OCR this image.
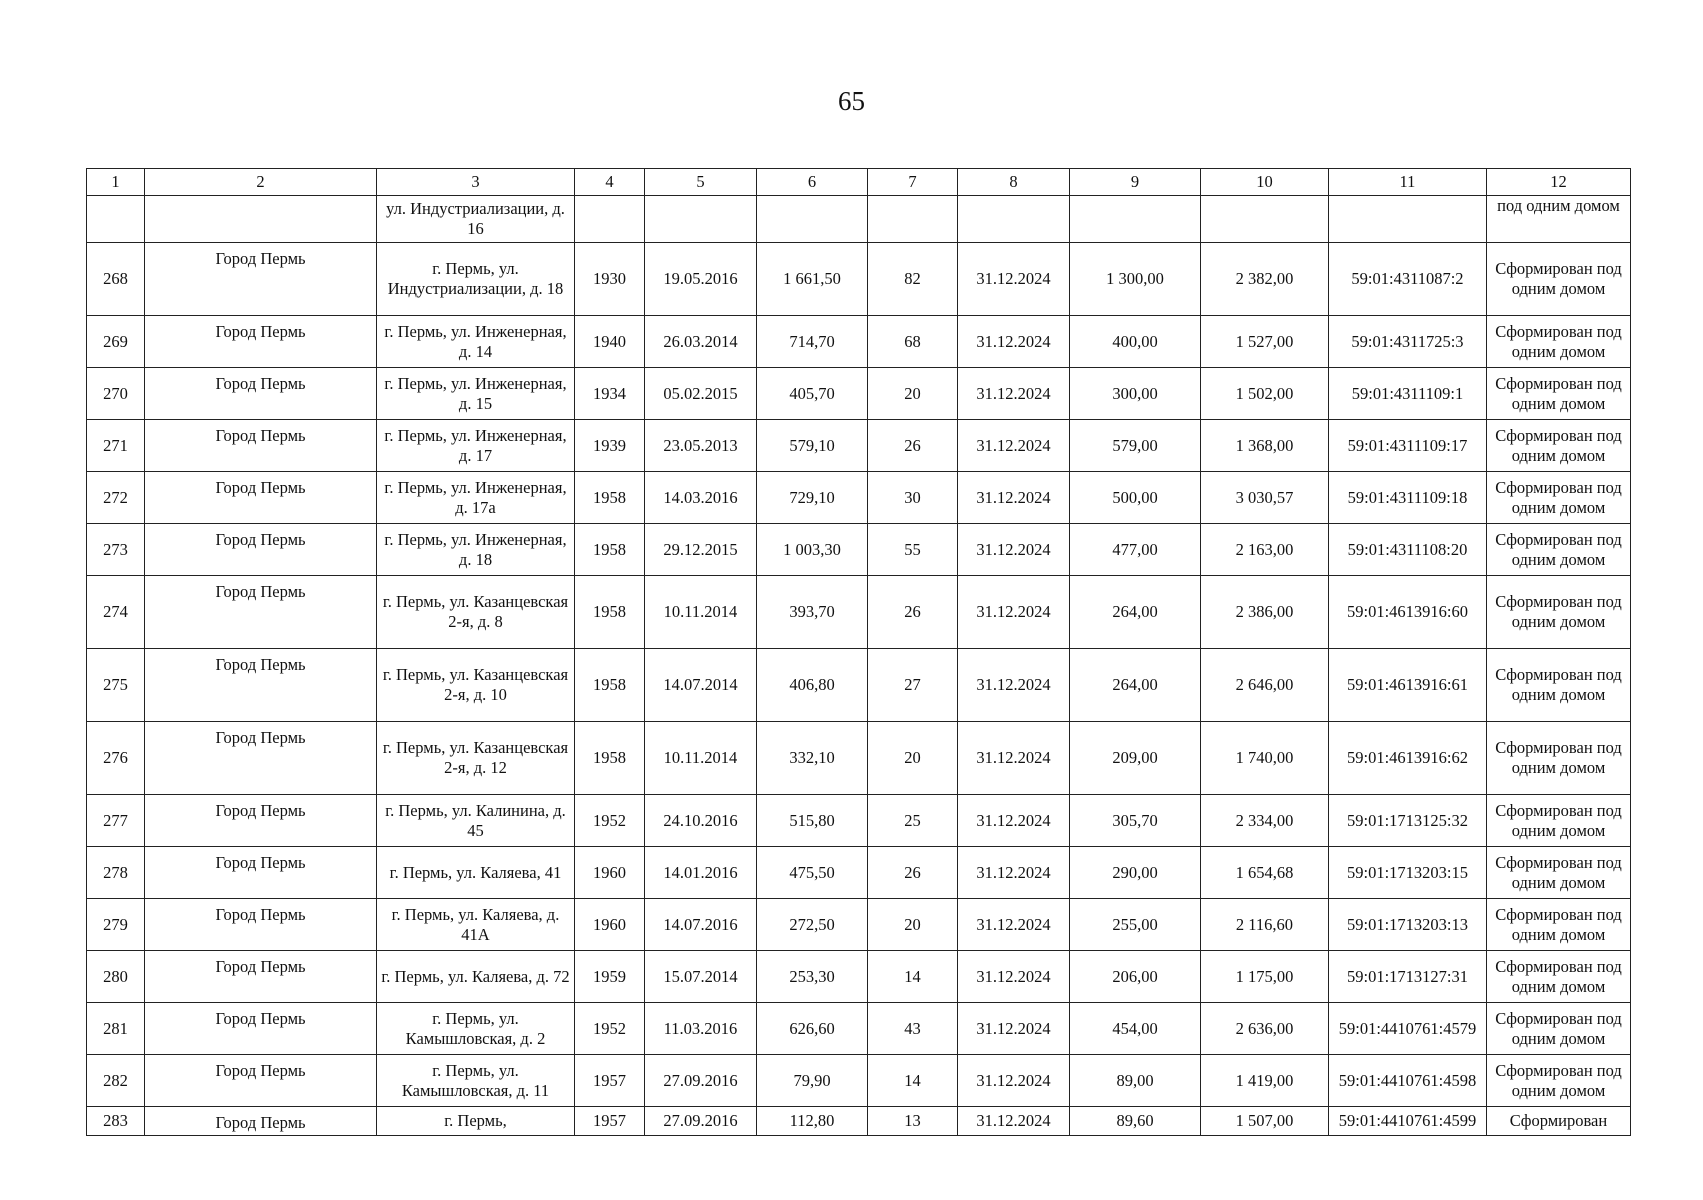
65
1	2	3	4	5	6	7	8	9	10	11	12
		ул. Индустриализации, д. 16									под одним домом
268	Город Пермь	г. Пермь, ул. Индустриализации, д. 18	1930	19.05.2016	1 661,50	82	31.12.2024	1 300,00	2 382,00	59:01:4311087:2	Сформирован под одним домом
269	Город Пермь	г. Пермь, ул. Инженерная, д. 14	1940	26.03.2014	714,70	68	31.12.2024	400,00	1 527,00	59:01:4311725:3	Сформирован под одним домом
270	Город Пермь	г. Пермь, ул. Инженерная, д. 15	1934	05.02.2015	405,70	20	31.12.2024	300,00	1 502,00	59:01:4311109:1	Сформирован под одним домом
271	Город Пермь	г. Пермь, ул. Инженерная, д. 17	1939	23.05.2013	579,10	26	31.12.2024	579,00	1 368,00	59:01:4311109:17	Сформирован под одним домом
272	Город Пермь	г. Пермь, ул. Инженерная, д. 17а	1958	14.03.2016	729,10	30	31.12.2024	500,00	3 030,57	59:01:4311109:18	Сформирован под одним домом
273	Город Пермь	г. Пермь, ул. Инженерная, д. 18	1958	29.12.2015	1 003,30	55	31.12.2024	477,00	2 163,00	59:01:4311108:20	Сформирован под одним домом
274	Город Пермь	г. Пермь, ул. Казанцевская 2-я, д. 8	1958	10.11.2014	393,70	26	31.12.2024	264,00	2 386,00	59:01:4613916:60	Сформирован под одним домом
275	Город Пермь	г. Пермь, ул. Казанцевская 2-я, д. 10	1958	14.07.2014	406,80	27	31.12.2024	264,00	2 646,00	59:01:4613916:61	Сформирован под одним домом
276	Город Пермь	г. Пермь, ул. Казанцевская 2-я, д. 12	1958	10.11.2014	332,10	20	31.12.2024	209,00	1 740,00	59:01:4613916:62	Сформирован под одним домом
277	Город Пермь	г. Пермь, ул. Калинина, д. 45	1952	24.10.2016	515,80	25	31.12.2024	305,70	2 334,00	59:01:1713125:32	Сформирован под одним домом
278	Город Пермь	г. Пермь, ул. Каляева, 41	1960	14.01.2016	475,50	26	31.12.2024	290,00	1 654,68	59:01:1713203:15	Сформирован под одним домом
279	Город Пермь	г. Пермь, ул. Каляева, д. 41А	1960	14.07.2016	272,50	20	31.12.2024	255,00	2 116,60	59:01:1713203:13	Сформирован под одним домом
280	Город Пермь	г. Пермь, ул. Каляева, д. 72	1959	15.07.2014	253,30	14	31.12.2024	206,00	1 175,00	59:01:1713127:31	Сформирован под одним домом
281	Город Пермь	г. Пермь, ул. Камышловская, д. 2	1952	11.03.2016	626,60	43	31.12.2024	454,00	2 636,00	59:01:4410761:4579	Сформирован под одним домом
282	Город Пермь	г. Пермь, ул. Камышловская, д. 11	1957	27.09.2016	79,90	14	31.12.2024	89,00	1 419,00	59:01:4410761:4598	Сформирован под одним домом
283	Город Пермь	г. Пермь,	1957	27.09.2016	112,80	13	31.12.2024	89,60	1 507,00	59:01:4410761:4599	Сформирован
